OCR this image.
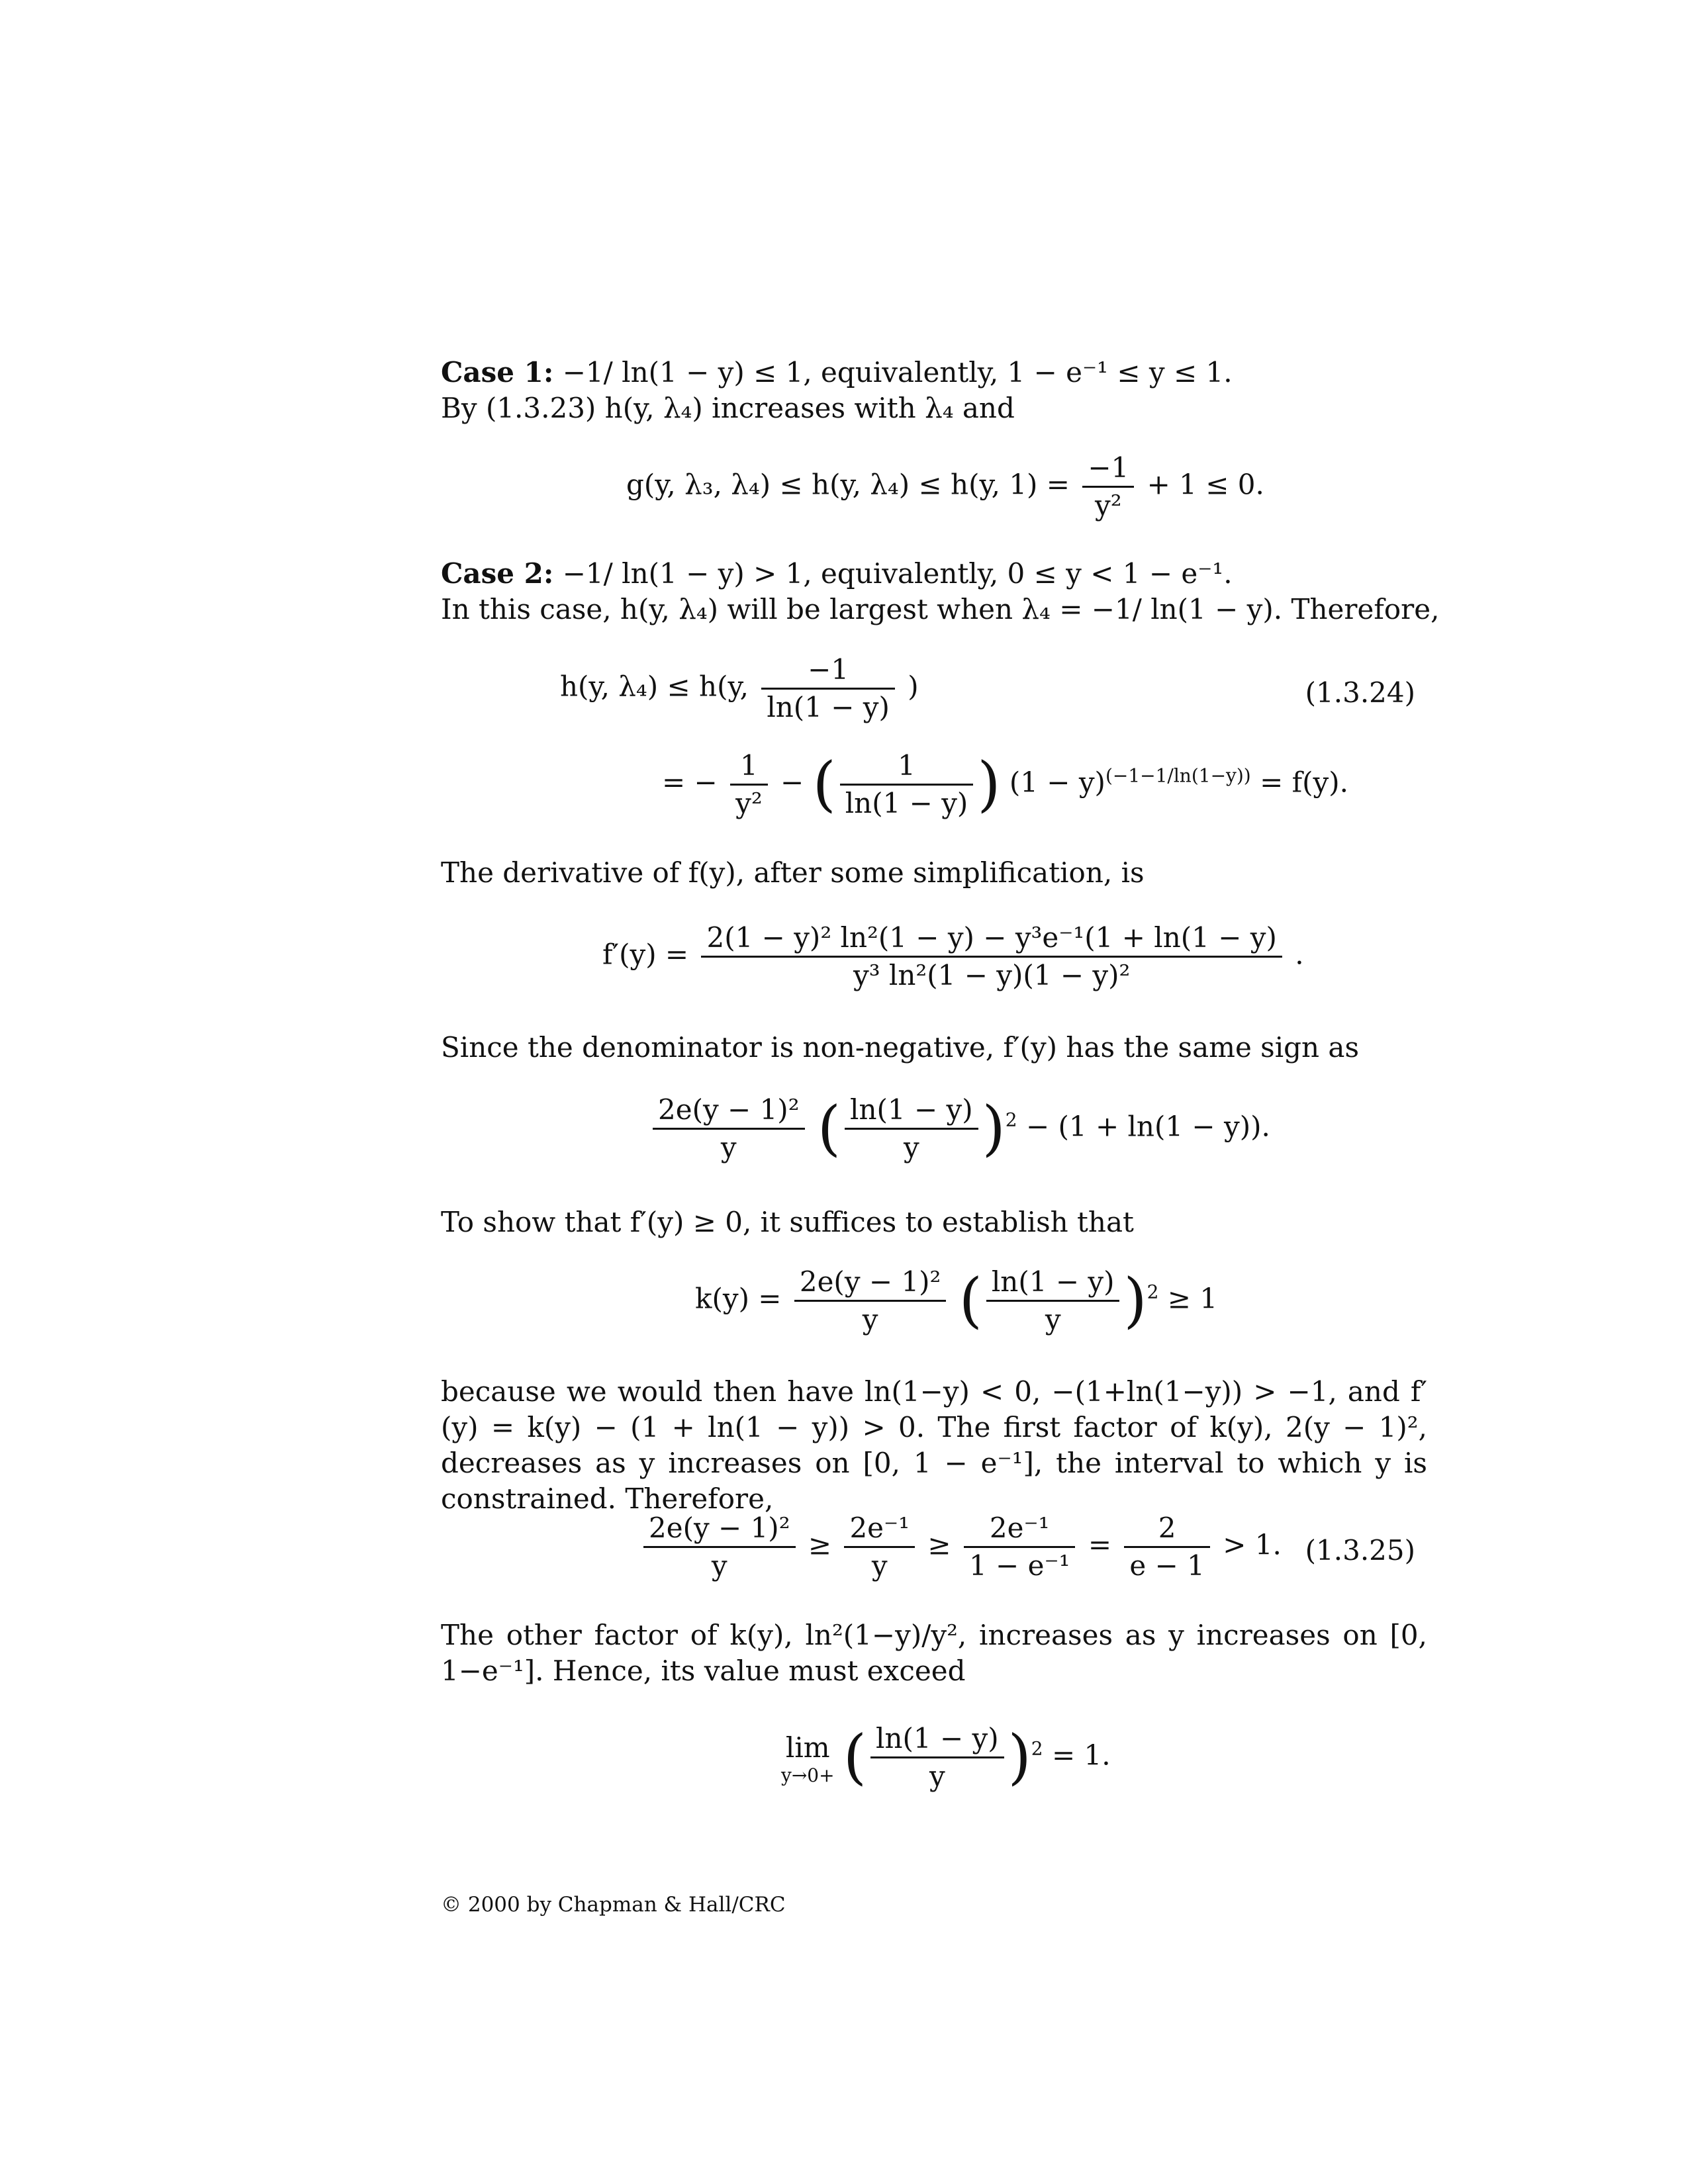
Case 1: −1/ ln(1 − y) ≤ 1, equivalently, 1 − e⁻¹ ≤ y ≤ 1.
By (1.3.23) h(y, λ₄) increases with λ₄ and
g(y, λ₃, λ₄) ≤ h(y, λ₄) ≤ h(y, $1) = \frac{-1}{\text{y²}} + 1 \le 0$.
Case 2: −1/ ln(1 − y) > 1, equivalently, 0 ≤ y < 1 − e⁻¹.
In this case, h(y, λ₄) will be largest when λ₄ = −1/ ln(1 − y). Therefore,
h(y, λ₄) ≤ h(y, $\frac{-1}{\ln(1 - y)}$ )	(1.3.24)
= − $\frac{1}{\text{y²}}$ − ( $\frac{1}{\ln(1 - y)}$ ) $(1 - y)^{(-1-1/ln(1-y))} = f(y)$.
The derivative of f(y), after some simplification, is
$f'(y) = \frac{\text{2(1 − y)² ln²(1 − y) − y³e⁻¹(1 + ln(1 − y)}}{\text{y³ ln²(1 − y)(1 − y)²}}$ .
Since the denominator is non-negative, f′(y) has the same sign as
$\frac{\text{2e(y − 1)²}}{y}$ ( $\frac{\ln(1 - y)}{y} )^2 - (1 + \ln(1 - y))$.
To show that f′(y) ≥ 0, it suffices to establish that
$k(y) = \frac{\text{2e(y − 1)²}}{y}$ ( $\frac{\ln(1 - y)}{y} )^2 \ge 1$
because we would then have ln(1−y) < 0, −(1+ln(1−y)) > −1, and f′(y) = k(y) − (1 + ln(1 − y)) > 0. The first factor of k(y), 2(y − 1)², decreases as y increases on [0, 1 − e⁻¹], the interval to which y is constrained. Therefore,
$\frac{\text{2e(y − 1)²}}{y} \ge \frac{\text{2e⁻¹}}{y} \ge \frac{\text{2e⁻¹}}{\text{1 − e⁻¹}} = \frac{2}{e - 1} > 1$. (1.3.25)
The other factor of k(y), ln²(1−y)/y², increases as y increases on [0, 1−e⁻¹]. Hence, its value must exceed
lim
y→0+ ( $\frac{\ln(1 - y)}{y} )^2 = 1$.
© 2000 by Chapman & Hall/CRC
